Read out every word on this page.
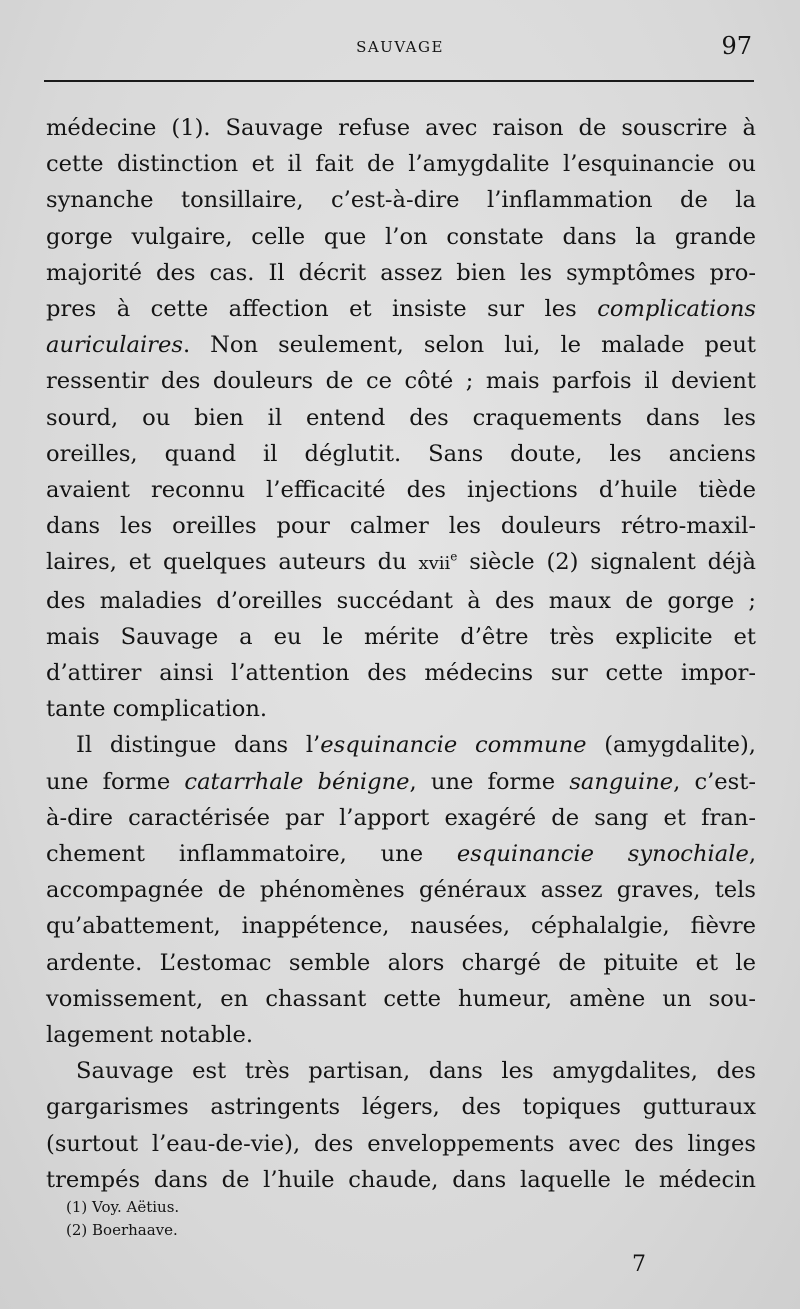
SAUVAGE	97

médecine (1). Sauvage refuse avec raison de souscrire à
cette distinction et il fait de l’amygdalite l’esquinancie ou
synanche tonsillaire, c’est-à-dire l’inflammation de la
gorge vulgaire, celle que l’on constate dans la grande
majorité des cas. Il décrit assez bien les symptômes pro-
pres à cette affection et insiste sur les complications
auriculaires. Non seulement, selon lui, le malade peut
ressentir des douleurs de ce côté ; mais parfois il devient
sourd, ou bien il entend des craquements dans les
oreilles, quand il déglutit. Sans doute, les anciens
avaient reconnu l’efficacité des injections d’huile tiède
dans les oreilles pour calmer les douleurs rétro-maxil-
laires, et quelques auteurs du xvii$^e$ siècle (2) signalent déjà
des maladies d’oreilles succédant à des maux de gorge ;
mais Sauvage a eu le mérite d’être très explicite et
d’attirer ainsi l’attention des médecins sur cette impor-
tante complication.

Il distingue dans l’esquinancie commune (amygdalite),
une forme catarrhale bénigne, une forme sanguine, c’est-
à-dire caractérisée par l’apport exagéré de sang et fran-
chement inflammatoire, une esquinancie synochiale,
accompagnée de phénomènes généraux assez graves, tels
qu’abattement, inappétence, nausées, céphalalgie, fièvre
ardente. L’estomac semble alors chargé de pituite et le
vomissement, en chassant cette humeur, amène un sou-
lagement notable.

Sauvage est très partisan, dans les amygdalites, des
gargarismes astringents légers, des topiques gutturaux
(surtout l’eau-de-vie), des enveloppements avec des linges
trempés dans de l’huile chaude, dans laquelle le médecin

(1) Voy. Aëtius.
(2) Boerhaave.
7
